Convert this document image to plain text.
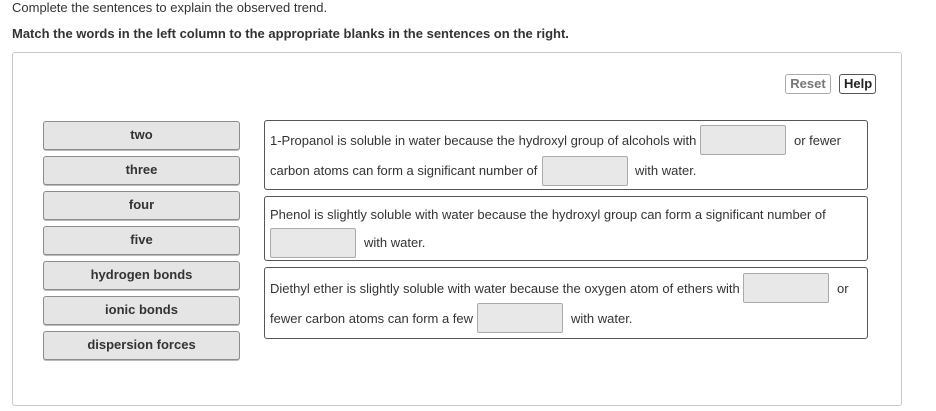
Complete the sentences to explain the observed trend.
Match the words in the left column to the appropriate blanks in the sentences on the right.
Reset	Help
two
three
four
five
hydrogen bonds
ionic bonds
dispersion forces
1-Propanol is soluble in water because the hydroxyl group of alcohols with	or fewer
carbon atoms can form a significant number of	with water.
Phenol is slightly soluble with water because the hydroxyl group can form a significant number of
with water.
Diethyl ether is slightly soluble with water because the oxygen atom of ethers with	or
fewer carbon atoms can form a few	with water.
